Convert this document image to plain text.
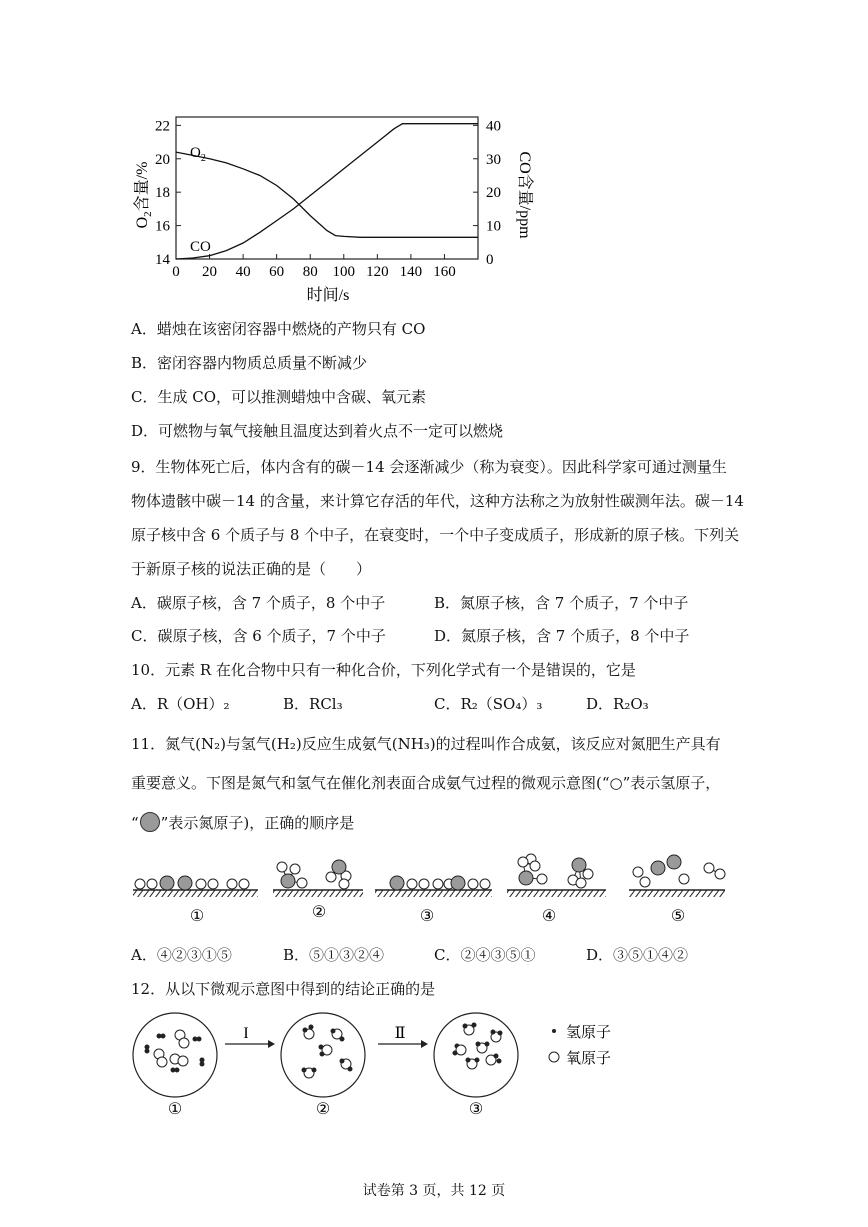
0 20 40 60 80 100 120 140 160
14
16
18
20
22
0
10
20
30
40
$O_2$含量/%	CO含量/ppm
时间/s
$O_2$
CO
A．蜡烛在该密闭容器中燃烧的产物只有 CO
B．密闭容器内物质总质量不断减少
C．生成 CO，可以推测蜡烛中含碳、氧元素
D．可燃物与氧气接触且温度达到着火点不一定可以燃烧
9．生物体死亡后，体内含有的碳－14 会逐渐减少（称为衰变）。因此科学家可通过测量生
物体遗骸中碳－14 的含量，来计算它存活的年代，这种方法称之为放射性碳测年法。碳－14
原子核中含 6 个质子与 8 个中子，在衰变时，一个中子变成质子，形成新的原子核。下列关
于新原子核的说法正确的是（　　）
A．碳原子核，含 7 个质子，8 个中子	B．氮原子核，含 7 个质子，7 个中子
C．碳原子核，含 6 个质子，7 个中子	D．氮原子核，含 7 个质子，8 个中子
10．元素 R 在化合物中只有一种化合价，下列化学式有一个是错误的，它是
A．R（OH）₂	B．RCl₃	C．R₂（SO₄）₃	D．R₂O₃
11．氮气(N₂)与氢气(H₂)反应生成氨气(NH₃)的过程叫作合成氨，该反应对氮肥生产具有
重要意义。下图是氮气和氢气在催化剂表面合成氨气过程的微观示意图(“○”表示氢原子，
“ ”表示氮原子)，正确的顺序是
①	②	③	④	⑤
A．④②③①⑤	B．⑤①③②④	C．②④③⑤①	D．③⑤①④②
12．从以下微观示意图中得到的结论正确的是
I	Ⅱ
①	②	③
氢原子
氧原子
试卷第 3 页，共 12 页
